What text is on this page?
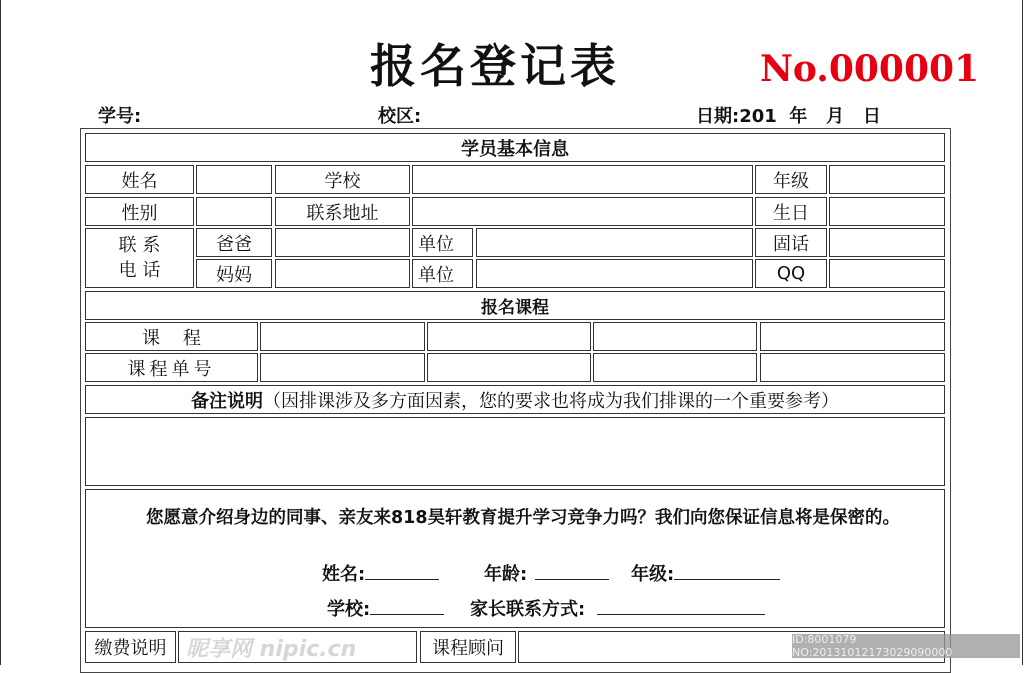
报名登记表	No.000001
学号:	校区:	日期:201  年   月   日
学员基本信息
姓名	学校	年级
性别	联系地址	生日
联 系
电 话
爸爸	单位	固话
妈妈	单位	QQ
报名课程
课    程
课程单号
备注说明 （因排课涉及多方面因素，您的要求也将成为我们排课的一个重要参考）
您愿意介绍身边的同事、亲友来818昊轩教育提升学习竞争力吗？我们向您保证信息将是保密的。
姓名:	年龄:	年级:
学校:	家长联系方式:
缴费说明	课程顾问
昵享网 nipic.cn	ID:8001079 NO:20131012173029090000
